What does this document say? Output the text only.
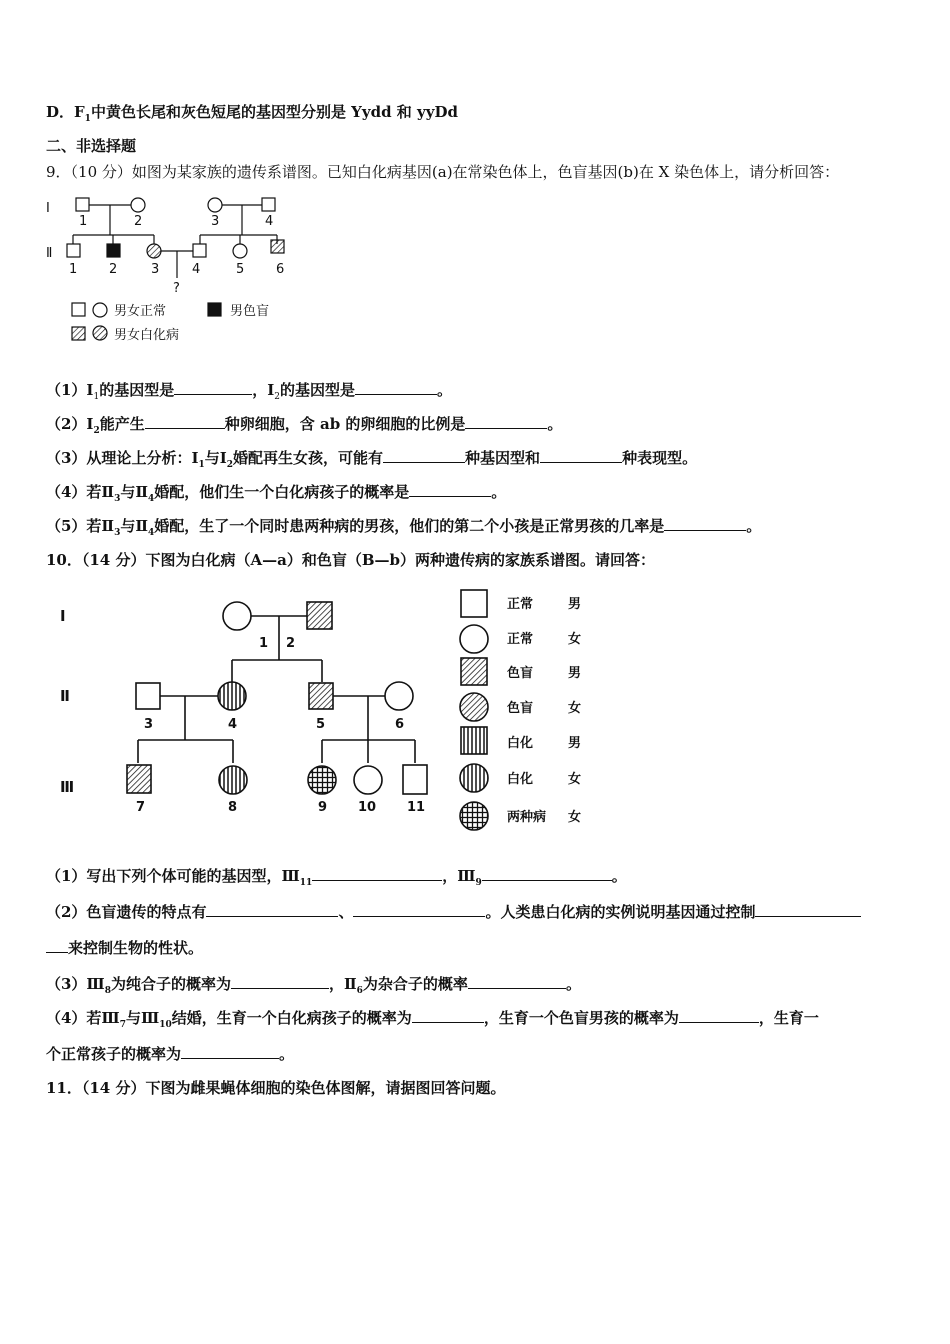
D．$F_1$中黄色长尾和灰色短尾的基因型分别是 Yydd 和 yyDd
二、非选择题
9．（10 分）如图为某家族的遗传系谱图。已知白化病基因(a)在常染色体上，色盲基因(b)在 X 染色体上，请分析回答：
Ⅰ
Ⅱ
1	2	3	4
1 2	3	4	5 6
?
男女正常	男色盲
男女白化病
$(1)Ⅰ_1$的基因型是	，$Ⅰ_2$的基因型是	。
$(2)Ⅰ_2$能产生	种卵细胞，含 ab 的卵细胞的比例是	。
（3）从理论上分析：$Ⅰ_1$与$Ⅰ_2$婚配再生女孩，可能有	种基因型和	种表现型。
（4）若$Ⅱ_3$与$Ⅱ_4$婚配，他们生一个白化病孩子的概率是	。
（5）若$Ⅱ_3$与$Ⅱ_4$婚配，生了一个同时患两种病的男孩，他们的第二个小孩是正常男孩的几率是	。
10．（14 分）下图为白化病（A—a）和色盲（B—b）两种遗传病的家族系谱图。请回答：
Ⅰ
Ⅱ
Ⅲ
1 2
3	4	5	6
7	8	9 10 11
正常	男
正常	女
色盲	男
色盲	女
白化	男
白化	女
两种病 女
（1）写出下列个体可能的基因型，$Ⅲ_{11}$	，$Ⅲ_9$	。
（2）色盲遗传的特点有	、	。人类患白化病的实例说明基因通过控制
来控制生物的性状。
$(3)Ⅲ_8$为纯合子的概率为	，$Ⅱ_6$为杂合子的概率	。
（4）若$Ⅲ_7$与$Ⅲ_{10}$结婚，生育一个白化病孩子的概率为	，生育一个色盲男孩的概率为	，生育一
个正常孩子的概率为	。
11．（14 分）下图为雌果蝇体细胞的染色体图解，请据图回答问题。
